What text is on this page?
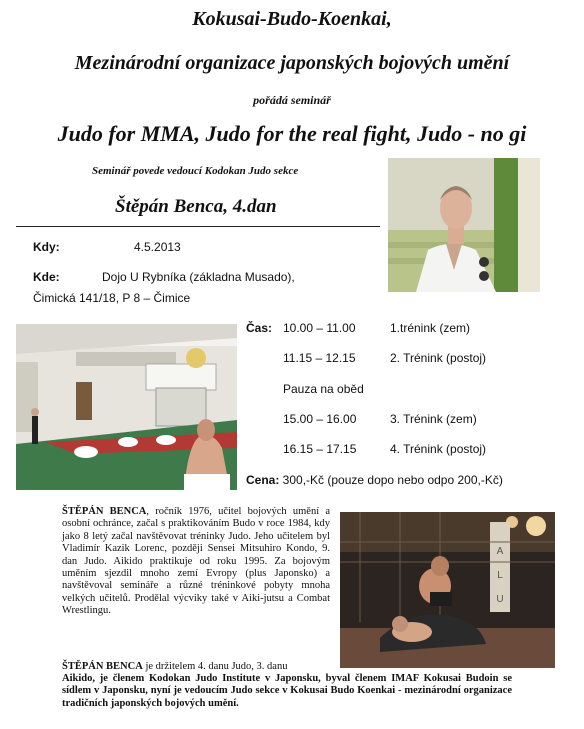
Kokusai-Budo-Koenkai,
Mezinárodní organizace japonských bojových umění
pořádá seminář
Judo for MMA, Judo for the real fight, Judo - no gi
Seminář povede vedoucí Kodokan Judo sekce
Štěpán Benca, 4.dan
Kdy:	4.5.2013
Kde:	Dojo U Rybníka (základna Musado),
Čimická 141/18, P 8 – Čimice
Čas: 10.00 – 11.00	1.trénink (zem)
11.15 – 12.15	2. Trénink (postoj)
Pauza na oběd
15.00 – 16.00	3. Trénink (zem)
16.15 – 17.15	4. Trénink (postoj)
Cena: 300,-Kč (pouze dopo nebo odpo 200,-Kč)
ŠTĚPÁN BENCA, ročník 1976, učitel bojových umění a osobní ochránce, začal s praktikováním Budo v roce 1984, kdy jako 8 letý začal navštěvovat tréninky Judo. Jeho učitelem byl Vladimír Kazik Lorenc, později Sensei Mitsuhiro Kondo, 9. dan Judo. Aikido praktikuje od roku 1995. Za bojovým uměním sjezdil mnoho zemí Evropy (plus Japonsko) a navštěvoval semináře a různé tréninkové pobyty mnoha velkých učitelů. Prodělal výcviky také v Aiki-jutsu a Combat Wrestlingu.
A
L
U
ŠTĚPÁN BENCA je držitelem 4. danu Judo, 3. danu
Aikido, je členem Kodokan Judo Institute v Japonsku, byval členem IMAF Kokusai Budoin se sídlem v Japonsku, nyní je vedoucím Judo sekce v Kokusai Budo Koenkai - mezinárodní organizace tradičních japonských bojových umění.
